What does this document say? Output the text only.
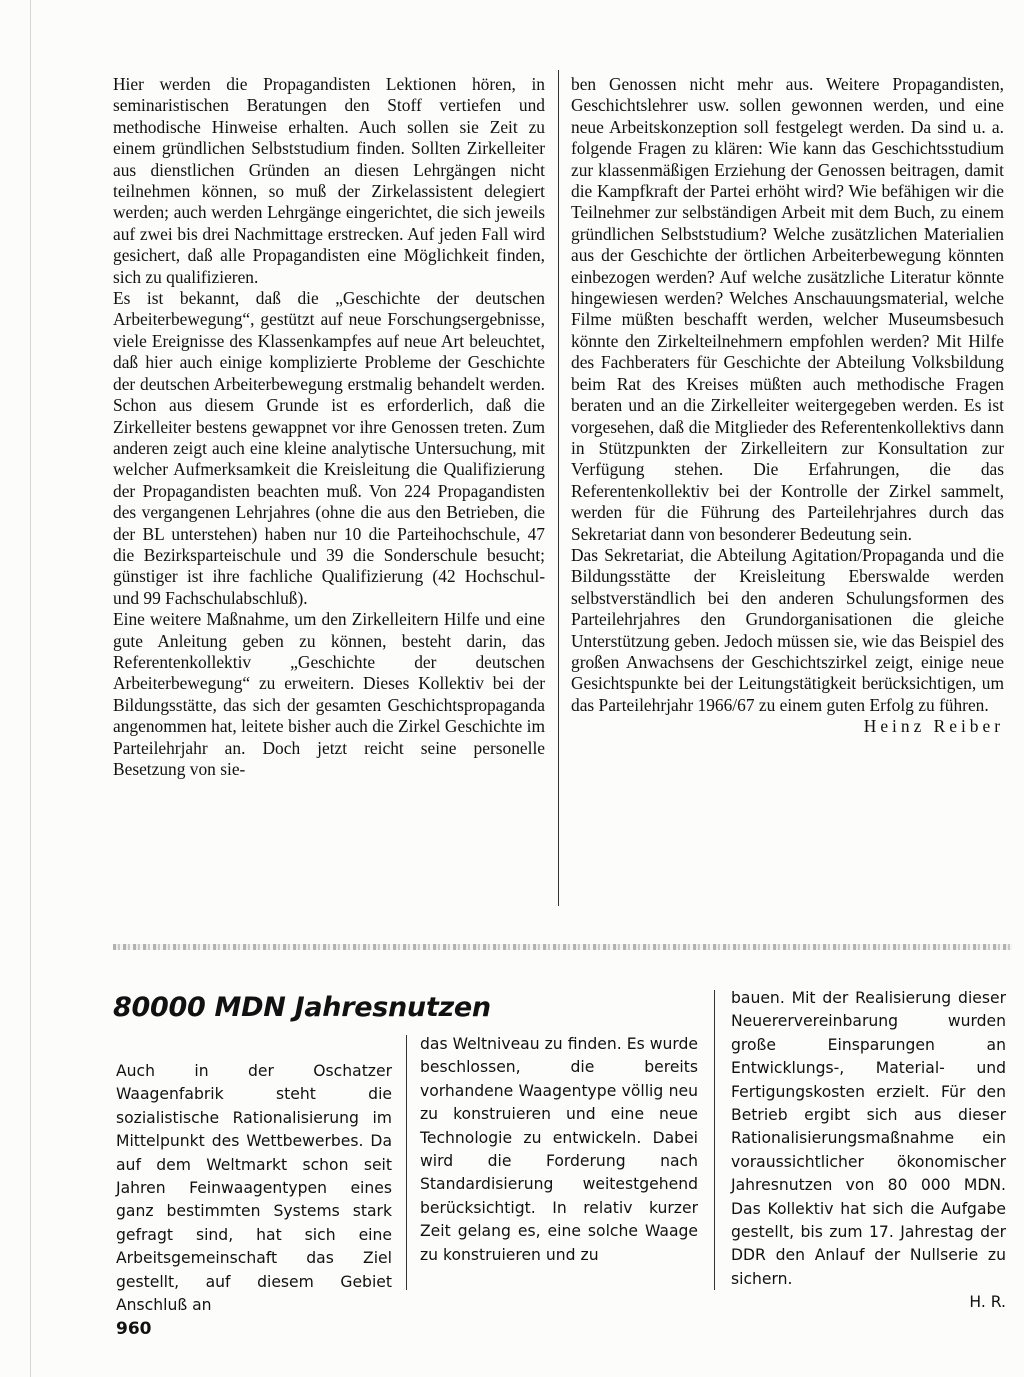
Hier werden die Propagandisten Lektionen hören, in seminaristischen Beratungen den Stoff vertiefen und methodische Hinweise erhalten. Auch sollen sie Zeit zu einem gründlichen Selbststudium finden. Sollten Zirkelleiter aus dienstlichen Gründen an diesen Lehrgängen nicht teilnehmen können, so muß der Zirkelassistent delegiert werden; auch werden Lehrgänge eingerichtet, die sich jeweils auf zwei bis drei Nachmittage erstrecken. Auf jeden Fall wird gesichert, daß alle Propagandisten eine Möglichkeit finden, sich zu qualifizieren.

Es ist bekannt, daß die „Geschichte der deutschen Arbeiterbewegung“, gestützt auf neue Forschungsergebnisse, viele Ereignisse des Klassenkampfes auf neue Art beleuchtet, daß hier auch einige komplizierte Probleme der Geschichte der deutschen Arbeiterbewegung erstmalig behandelt werden. Schon aus diesem Grunde ist es erforderlich, daß die Zirkelleiter bestens gewappnet vor ihre Genossen treten. Zum anderen zeigt auch eine kleine analytische Untersuchung, mit welcher Aufmerksamkeit die Kreisleitung die Qualifizierung der Propagandisten beachten muß. Von 224 Propagandisten des vergangenen Lehrjahres (ohne die aus den Betrieben, die der BL unterstehen) haben nur 10 die Parteihochschule, 47 die Bezirksparteischule und 39 die Sonderschule besucht; günstiger ist ihre fachliche Qualifizierung (42 Hochschul- und 99 Fachschulabschluß).

Eine weitere Maßnahme, um den Zirkelleitern Hilfe und eine gute Anleitung geben zu können, besteht darin, das Referentenkollektiv „Geschichte der deutschen Arbeiterbewegung“ zu erweitern. Dieses Kollektiv bei der Bildungsstätte, das sich der gesamten Geschichtspropaganda angenommen hat, leitete bisher auch die Zirkel Geschichte im Parteilehrjahr an. Doch jetzt reicht seine personelle Besetzung von sie-

ben Genossen nicht mehr aus. Weitere Propagandisten, Geschichtslehrer usw. sollen gewonnen werden, und eine neue Arbeitskonzeption soll festgelegt werden. Da sind u. a. folgende Fragen zu klären: Wie kann das Geschichtsstudium zur klassenmäßigen Erziehung der Genossen beitragen, damit die Kampfkraft der Partei erhöht wird? Wie befähigen wir die Teilnehmer zur selbständigen Arbeit mit dem Buch, zu einem gründlichen Selbststudium? Welche zusätzlichen Materialien aus der Geschichte der örtlichen Arbeiterbewegung könnten einbezogen werden? Auf welche zusätzliche Literatur könnte hingewiesen werden? Welches Anschauungsmaterial, welche Filme müßten beschafft werden, welcher Museumsbesuch könnte den Zirkelteilnehmern empfohlen werden? Mit Hilfe des Fachberaters für Geschichte der Abteilung Volksbildung beim Rat des Kreises müßten auch methodische Fragen beraten und an die Zirkelleiter weitergegeben werden. Es ist vorgesehen, daß die Mitglieder des Referentenkollektivs dann in Stützpunkten der Zirkelleitern zur Konsultation zur Verfügung stehen. Die Erfahrungen, die das Referentenkollektiv bei der Kontrolle der Zirkel sammelt, werden für die Führung des Parteilehrjahres durch das Sekretariat dann von besonderer Bedeutung sein.

Das Sekretariat, die Abteilung Agitation/Propaganda und die Bildungsstätte der Kreisleitung Eberswalde werden selbstverständlich bei den anderen Schulungsformen des Parteilehrjahres den Grundorganisationen die gleiche Unterstützung geben. Jedoch müssen sie, wie das Beispiel des großen Anwachsens der Geschichtszirkel zeigt, einige neue Gesichtspunkte bei der Leitungstätigkeit berücksichtigen, um das Parteilehrjahr 1966/67 zu einem guten Erfolg zu führen.

Heinz Reiber

80000 MDN Jahresnutzen
Auch in der Oschatzer Waagenfabrik steht die sozialistische Rationalisierung im Mittelpunkt des Wettbewerbes. Da auf dem Weltmarkt schon seit Jahren Feinwaagentypen eines ganz bestimmten Systems stark gefragt sind, hat sich eine Arbeitsgemeinschaft das Ziel gestellt, auf diesem Gebiet Anschluß an
das Weltniveau zu finden. Es wurde beschlossen, die bereits vorhandene Waagentype völlig neu zu konstruieren und eine neue Technologie zu entwickeln. Dabei wird die Forderung nach Standardisierung weitestgehend berücksichtigt. In relativ kurzer Zeit gelang es, eine solche Waage zu konstruieren und zu
bauen. Mit der Realisierung dieser Neuerervereinbarung wurden große Einsparungen an Entwicklungs-, Material- und Fertigungskosten erzielt. Für den Betrieb ergibt sich aus dieser Rationalisierungsmaßnahme ein voraussichtlicher ökonomischer Jahresnutzen von 80 000 MDN. Das Kollektiv hat sich die Aufgabe gestellt, bis zum 17. Jahrestag der DDR den Anlauf der Nullserie zu sichern.
H. R.
960
